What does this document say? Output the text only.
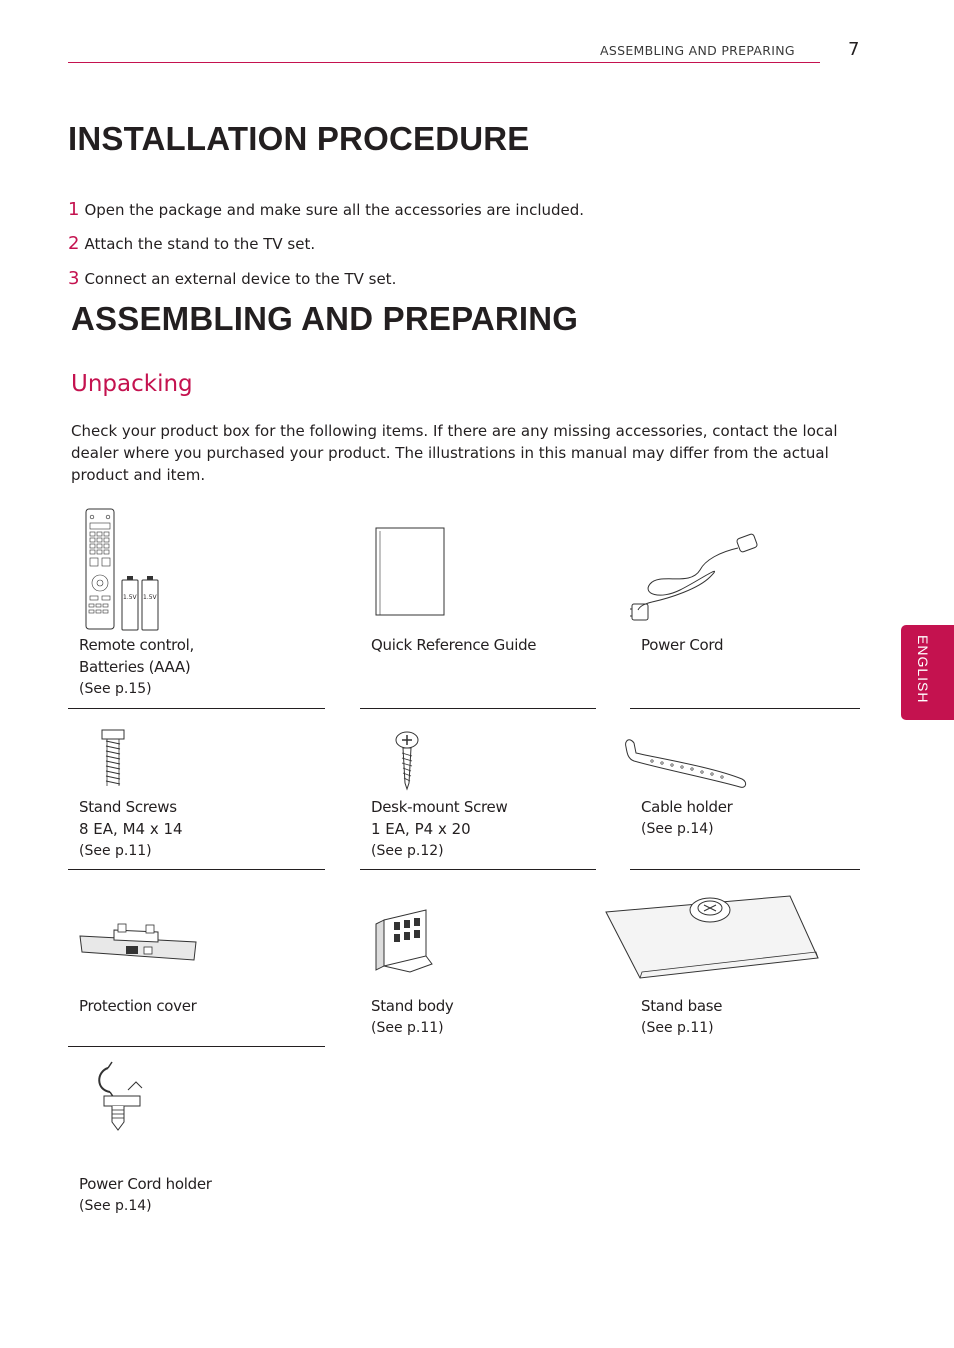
ASSEMBLING AND PREPARING	7
ENGLISH
INSTALLATION PROCEDURE
1 Open the package and make sure all the accessories are included.
2 Attach the stand to the TV set.
3 Connect an external device to the TV set.
ASSEMBLING AND PREPARING
Unpacking
Check your product box for the following items. If there are any missing accessories, contact the local dealer where you purchased your product. The illustrations in this manual may differ from the actual product and item.
1.5V 1.5V
Remote control,
Batteries (AAA)
(See p.15)
Quick Reference Guide	Power Cord
Stand Screws
8 EA, M4 x 14
(See p.11)
Desk-mount Screw
1 EA, P4 x 20
(See p.12)
Cable holder
(See p.14)
Protection cover	Stand body
(See p.11)
Stand base
(See p.11)
Power Cord holder
(See p.14)
